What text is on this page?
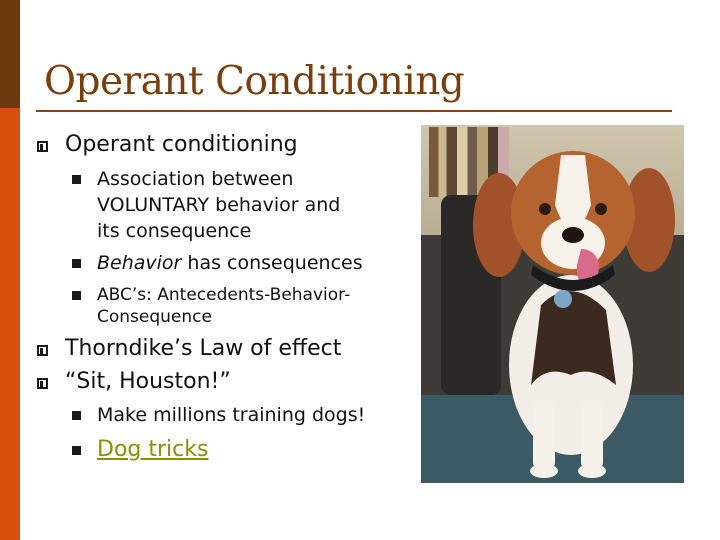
Operant Conditioning
Operant conditioning
Association between
VOLUNTARY behavior and
its consequence
Behavior has consequences
ABC’s: Antecedents-Behavior-
Consequence
Thorndike’s Law of effect
“Sit, Houston!”
Make millions training dogs!
Dog tricks
